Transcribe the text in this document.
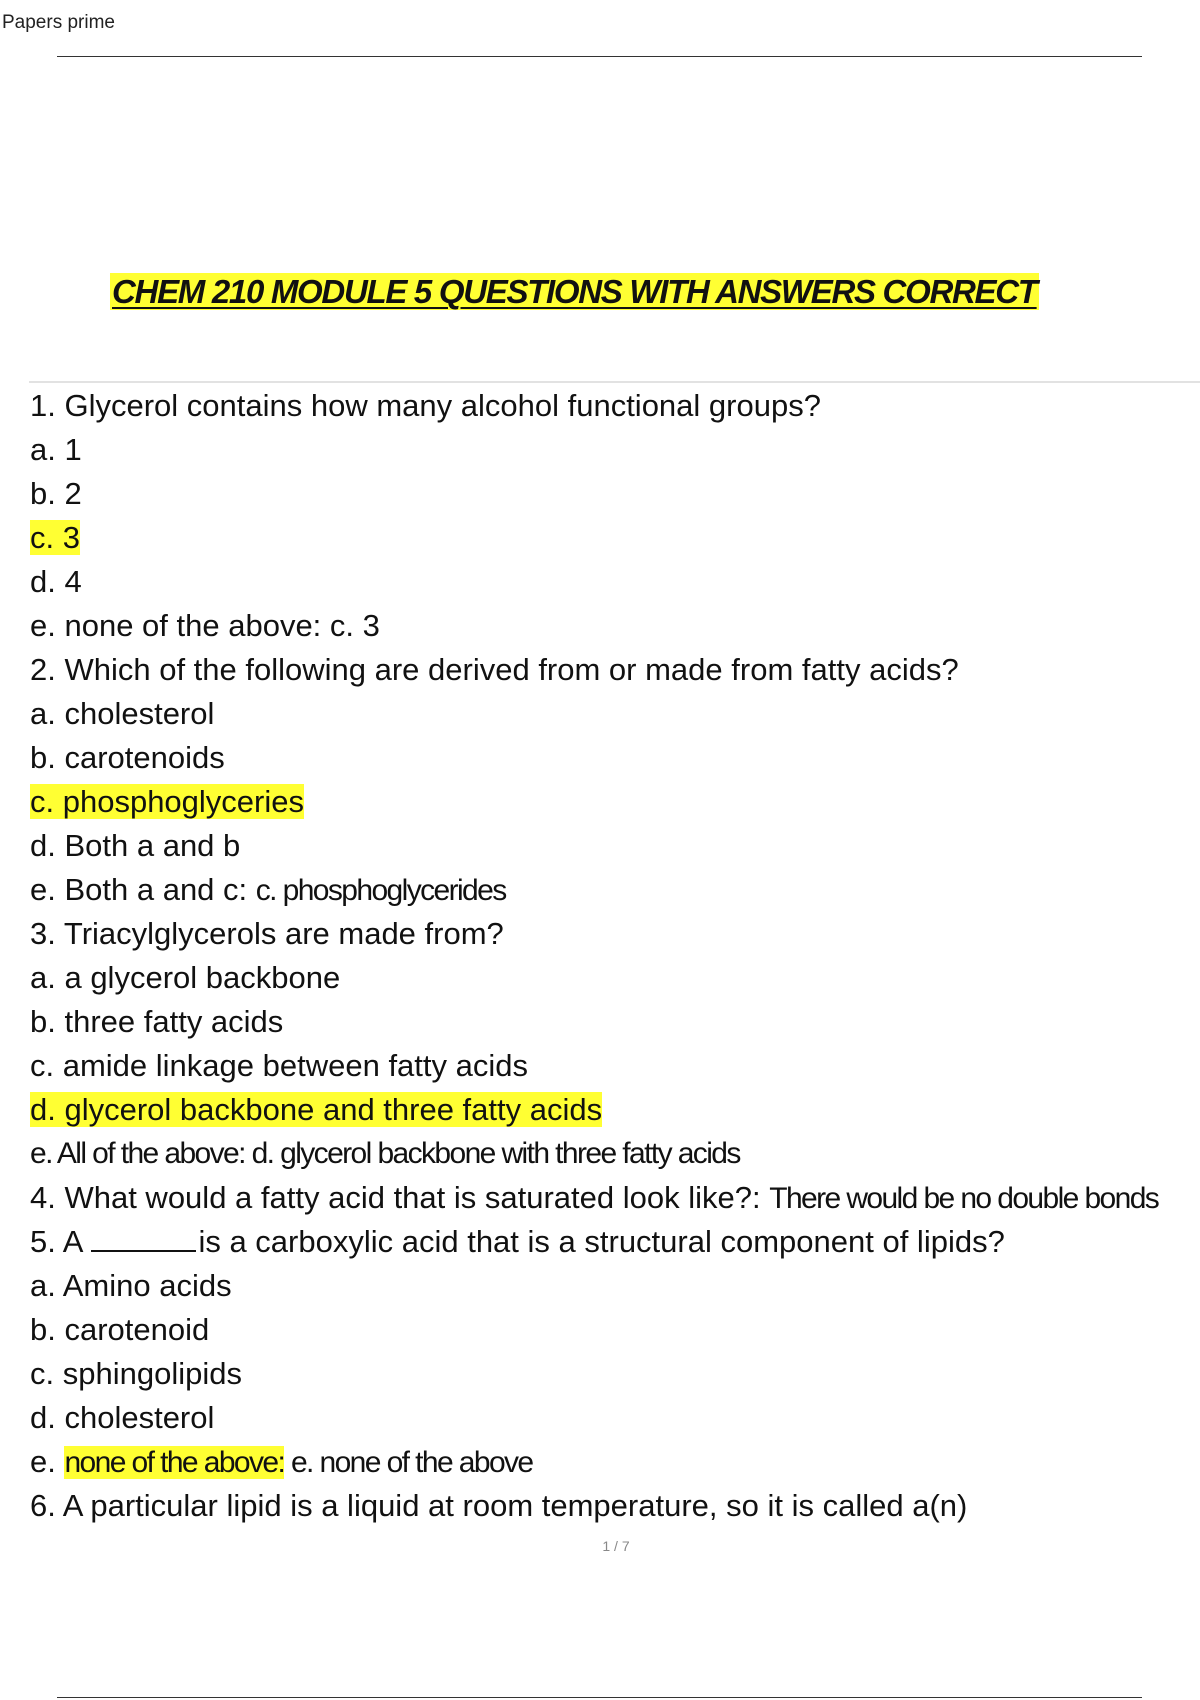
Papers prime
CHEM 210 MODULE 5 QUESTIONS WITH ANSWERS CORRECT
1. Glycerol contains how many alcohol functional groups?
a. 1
b. 2
c. 3
d. 4
e. none of the above: c. 3
2. Which of the following are derived from or made from fatty acids?
a. cholesterol
b. carotenoids
c. phosphoglyceries
d. Both a and b
e. Both a and c: c. phosphoglycerides
3. Triacylglycerols are made from?
a. a glycerol backbone
b. three fatty acids
c. amide linkage between fatty acids
d. glycerol backbone and three fatty acids
e. All of the above: d. glycerol backbone with three fatty acids
4. What would a fatty acid that is saturated look like?: There would be no double bonds
5. A	is a carboxylic acid that is a structural component of lipids?
a. Amino acids
b. carotenoid
c. sphingolipids
d. cholesterol
e. none of the above: e. none of the above
6. A particular lipid is a liquid at room temperature, so it is called a(n)
1 / 7
